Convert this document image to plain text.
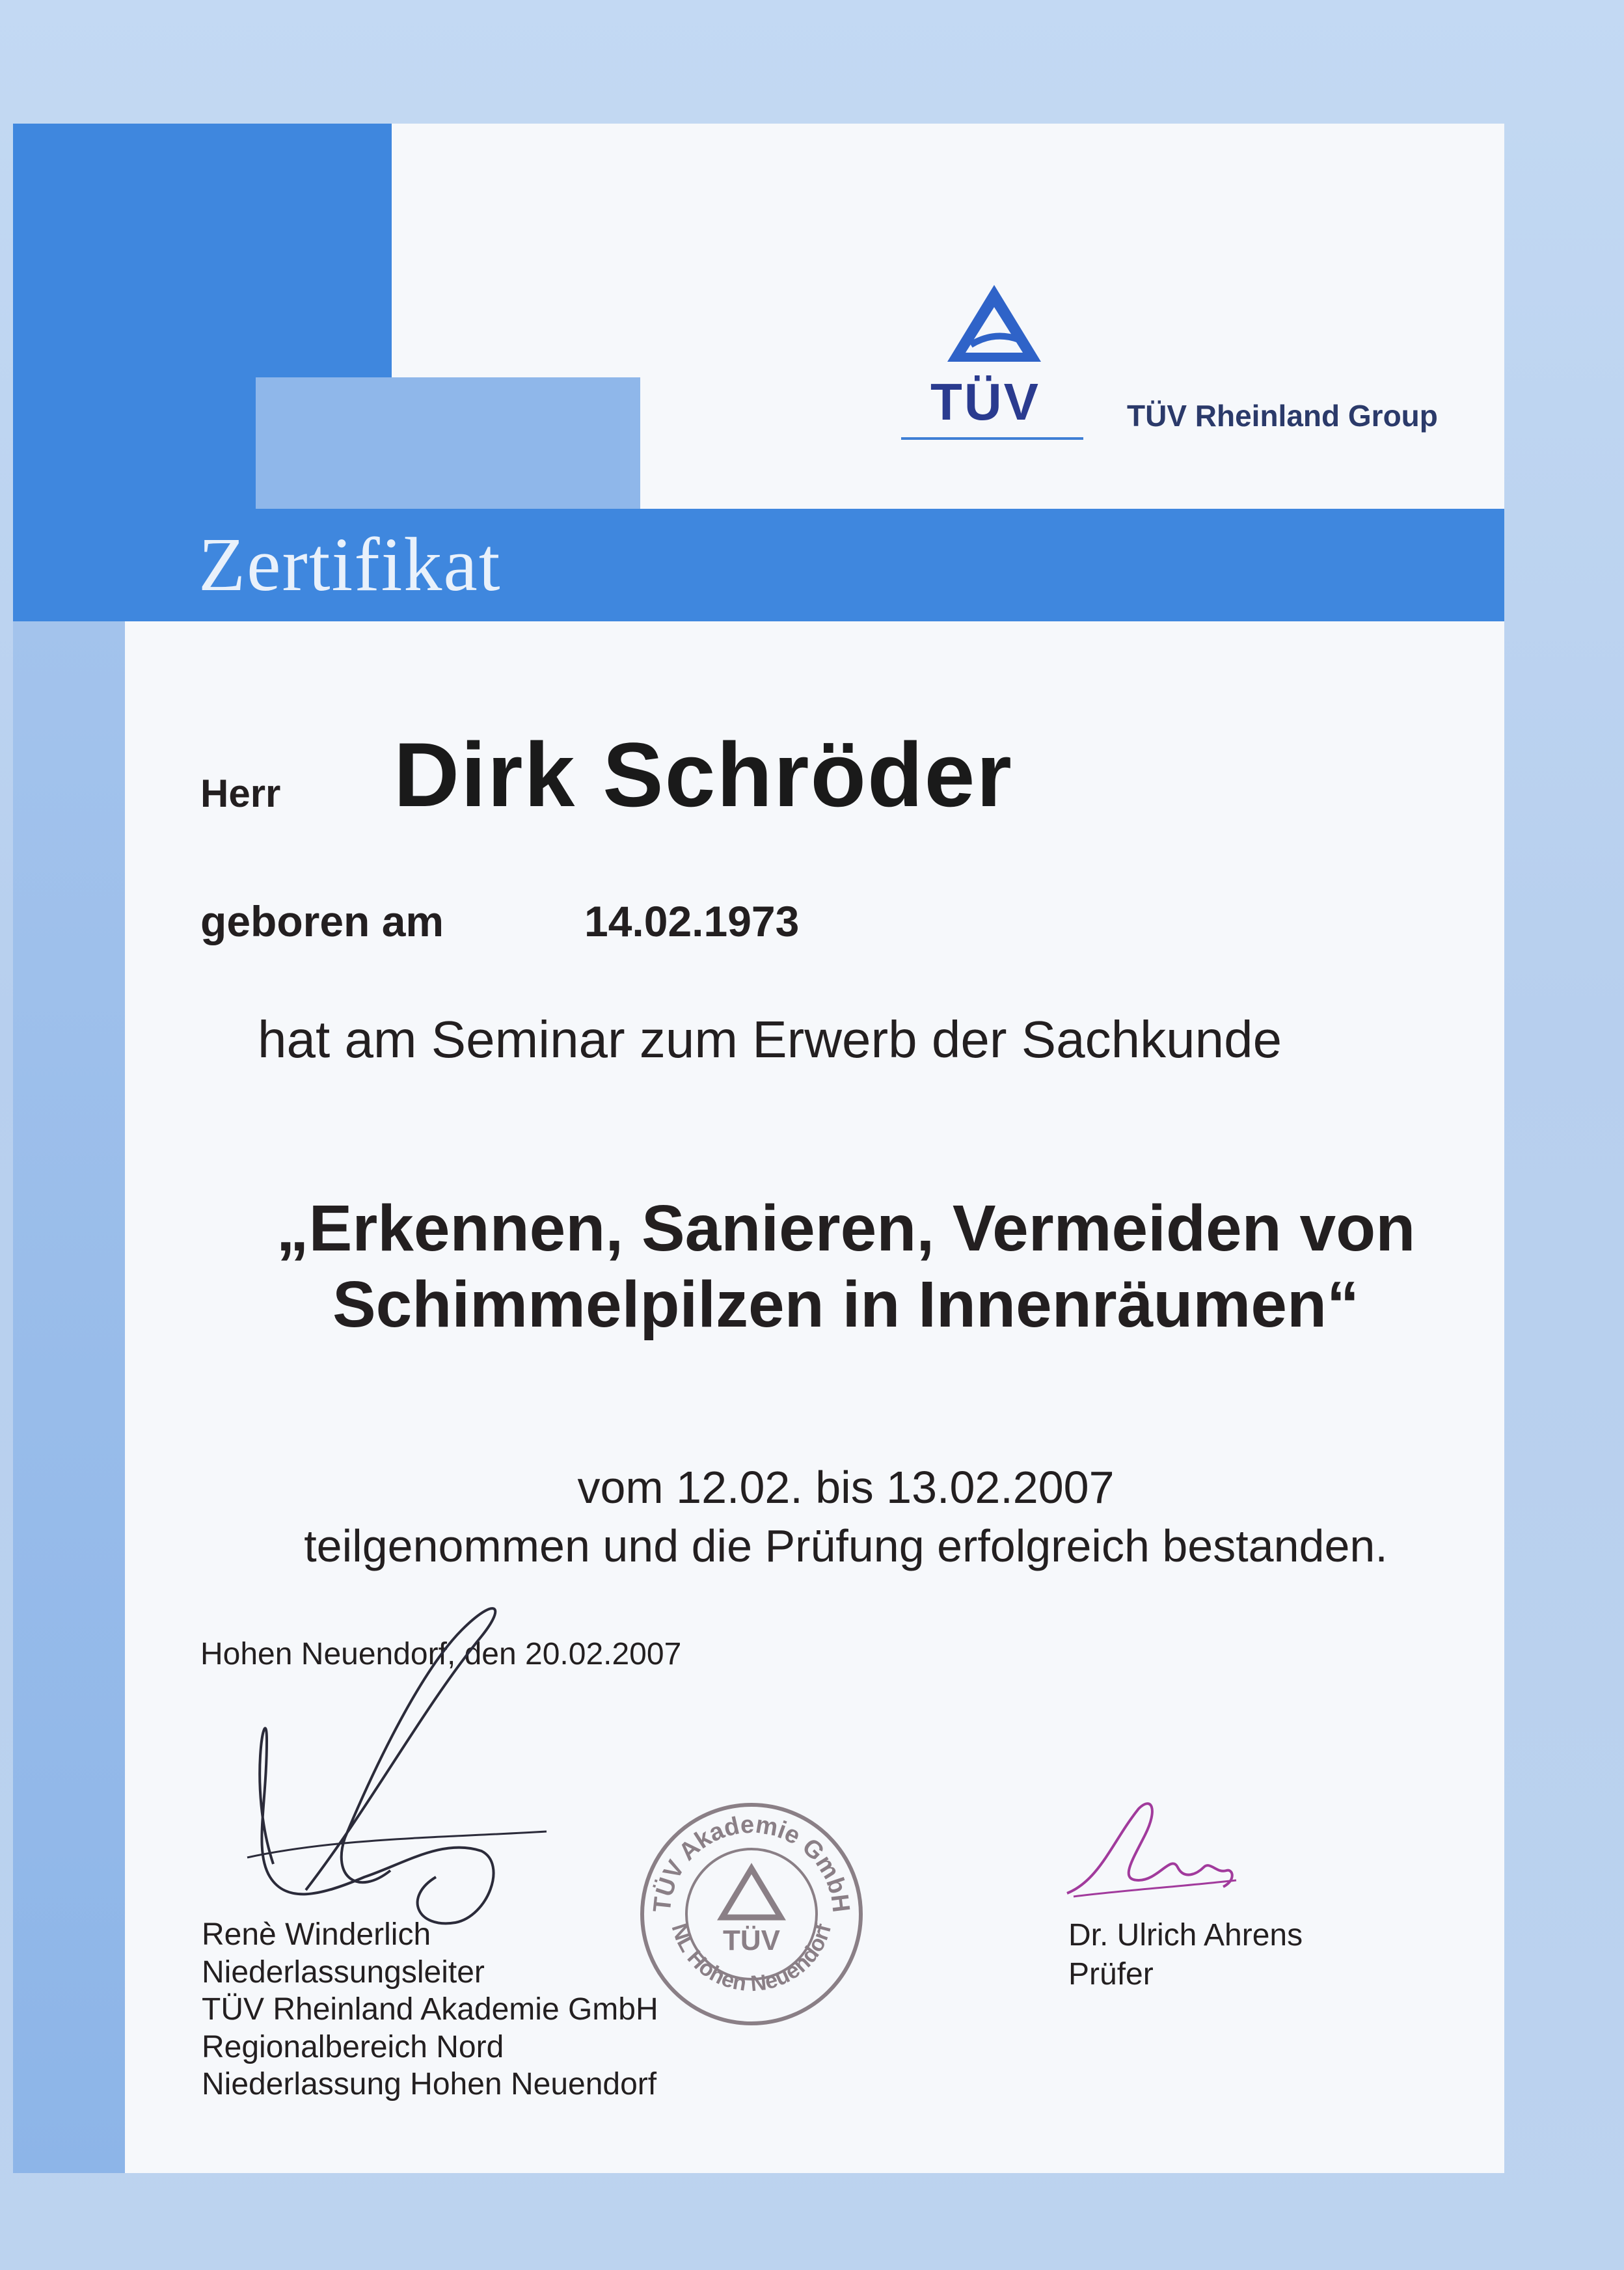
Zertifikat
TÜV	TÜV Rheinland Group
Herr Dirk Schröder
geboren am	14.02.1973
hat am Seminar zum Erwerb der Sachkunde
„Erkennen, Sanieren, Vermeiden von
Schimmelpilzen in Innenräumen“
vom 12.02. bis 13.02.2007
teilgenommen und die Prüfung erfolgreich bestanden.
Hohen Neuendorf, den 20.02.2007
TÜV Akademie GmbH
NL Hohen Neuendorf
TÜV
Renè Winderlich
Niederlassungsleiter
TÜV Rheinland Akademie GmbH
Regionalbereich Nord
Niederlassung Hohen Neuendorf
Dr. Ulrich Ahrens
Prüfer
